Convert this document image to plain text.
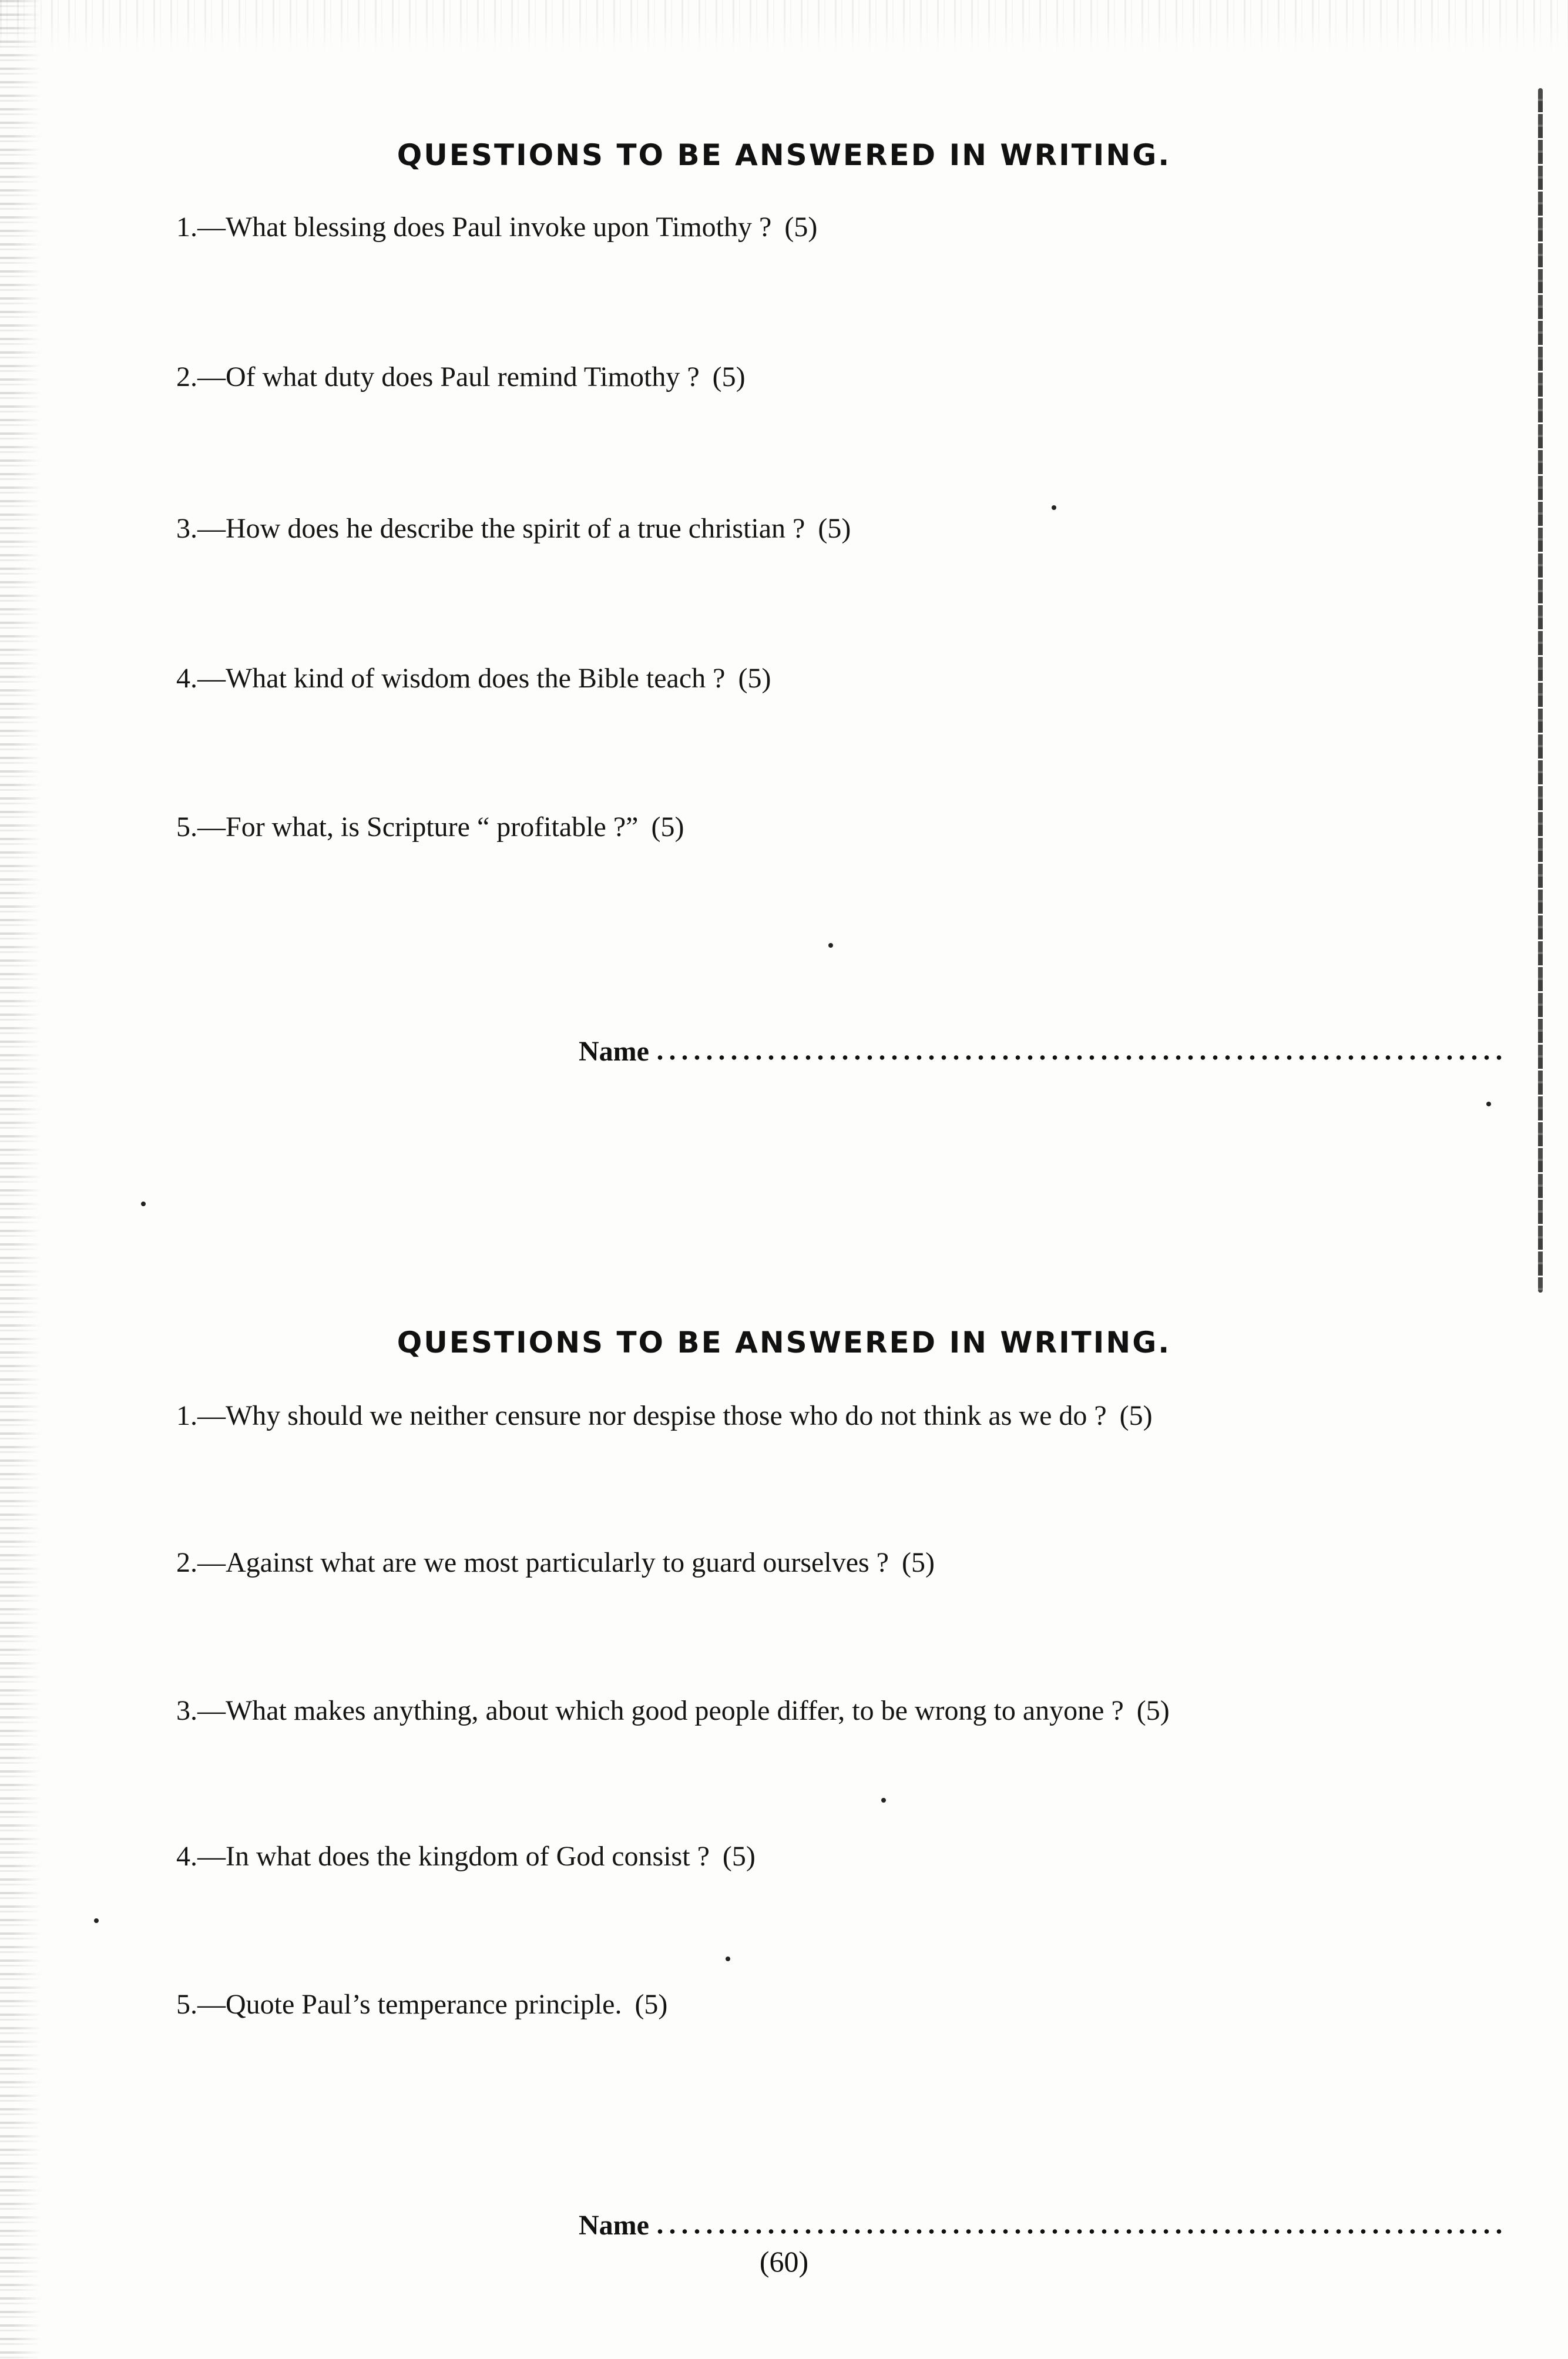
QUESTIONS TO BE ANSWERED IN WRITING.
1.—What blessing does Paul invoke upon Timothy ? (5)
2.—Of what duty does Paul remind Timothy ? (5)
3.—How does he describe the spirit of a true christian ? (5)
4.—What kind of wisdom does the Bible teach ? (5)
5.—For what, is Scripture “ profitable ?” (5)
Name
QUESTIONS TO BE ANSWERED IN WRITING.
1.—Why should we neither censure nor despise those who do not think as we do ? (5)
2.—Against what are we most particularly to guard ourselves ? (5)
3.—What makes anything, about which good people differ, to be wrong to anyone ? (5)
4.—In what does the kingdom of God consist ? (5)
5.—Quote Paul’s temperance principle. (5)
Name
(60)
